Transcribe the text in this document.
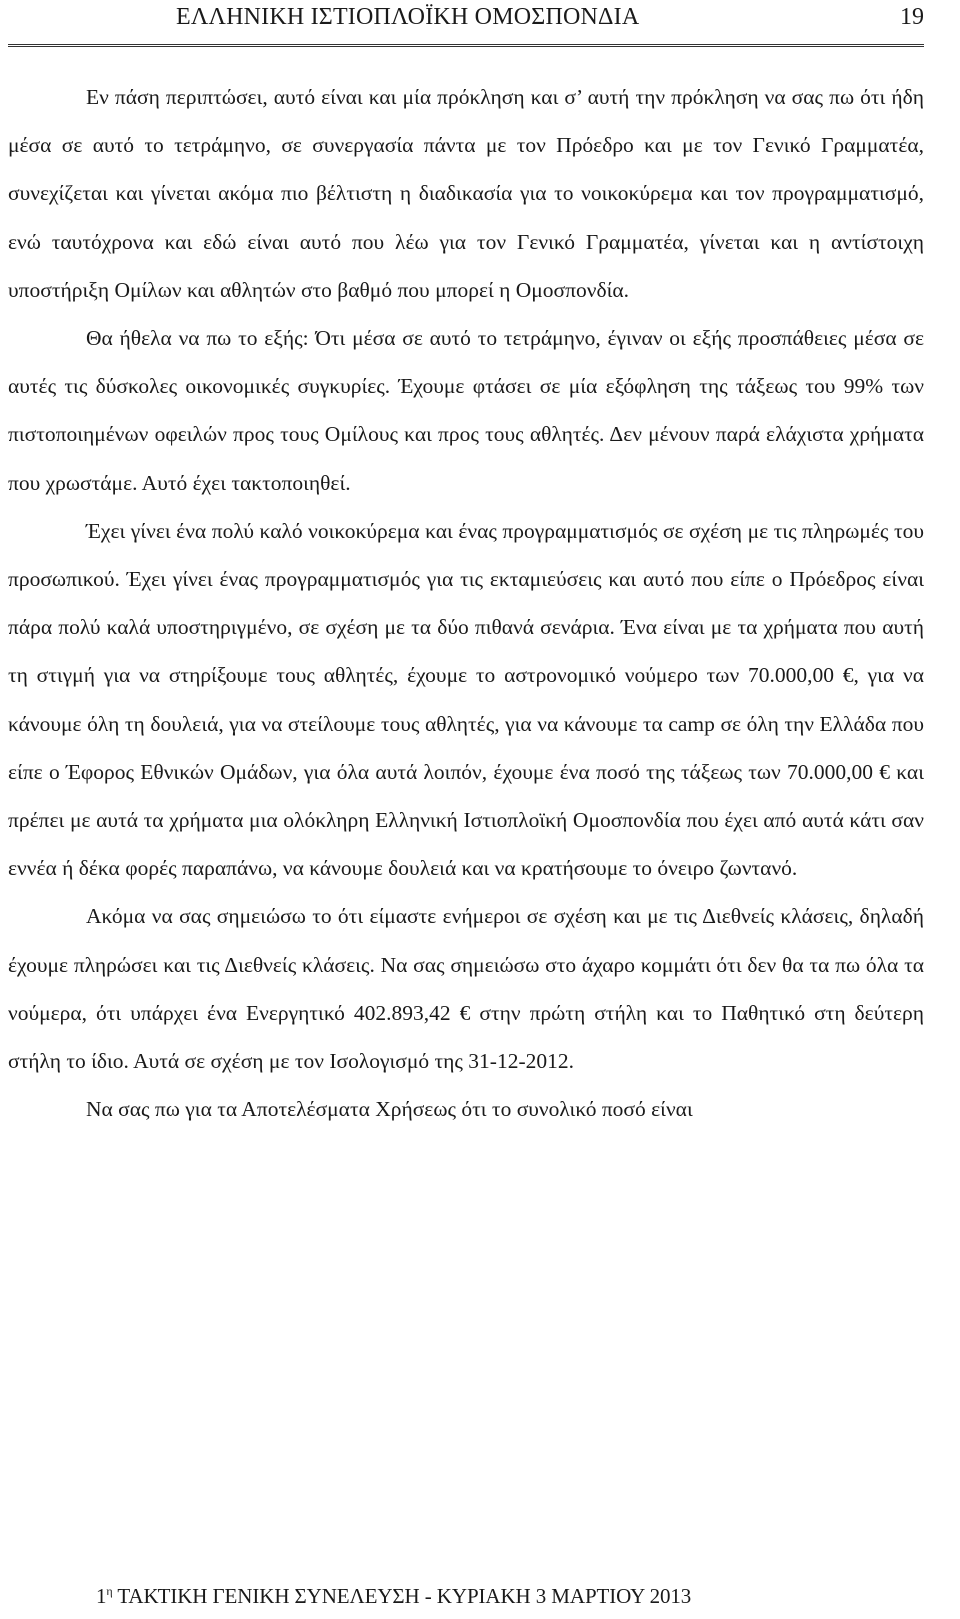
ΕΛΛΗΝΙΚΗ ΙΣΤΙΟΠΛΟΪΚΗ ΟΜΟΣΠΟΝΔΙΑ	19

Εν πάση περιπτώσει, αυτό είναι και μία πρόκληση και σ’ αυτή την πρόκληση να σας πω ότι ήδη μέσα σε αυτό το τετράμηνο, σε συνεργασία πάντα με τον Πρόεδρο και με τον Γενικό Γραμματέα, συνεχίζεται και γίνεται ακόμα πιο βέλτιστη η διαδικασία για το νοικοκύρεμα και τον προγραμματισμό, ενώ ταυτόχρονα και εδώ είναι αυτό που λέω για τον Γενικό Γραμματέα, γίνεται και η αντίστοιχη υποστήριξη Ομίλων και αθλητών στο βαθμό που μπορεί η Ομοσπονδία.

Θα ήθελα να πω το εξής: Ότι μέσα σε αυτό το τετράμηνο, έγιναν οι εξής προσπάθειες μέσα σε αυτές τις δύσκολες οικονομικές συγκυρίες. Έχουμε φτάσει σε μία εξόφληση της τάξεως του 99% των πιστοποιημένων οφειλών προς τους Ομίλους και προς τους αθλητές. Δεν μένουν παρά ελάχιστα χρήματα που χρωστάμε. Αυτό έχει τακτοποιηθεί.

Έχει γίνει ένα πολύ καλό νοικοκύρεμα και ένας προγραμματισμός σε σχέση με τις πληρωμές του προσωπικού. Έχει γίνει ένας προγραμματισμός για τις εκταμιεύσεις και αυτό που είπε ο Πρόεδρος είναι πάρα πολύ καλά υποστηριγμένο, σε σχέση με τα δύο πιθανά σενάρια. Ένα είναι με τα χρήματα που αυτή τη στιγμή για να στηρίξουμε τους αθλητές, έχουμε το αστρονομικό νούμερο των 70.000,00 €, για να κάνουμε όλη τη δουλειά, για να στείλουμε τους αθλητές, για να κάνουμε τα camp σε όλη την Ελλάδα που είπε ο Έφορος Εθνικών Ομάδων, για όλα αυτά λοιπόν, έχουμε ένα ποσό της τάξεως των 70.000,00 € και πρέπει με αυτά τα χρήματα μια ολόκληρη Ελληνική Ιστιοπλοϊκή Ομοσπονδία που έχει από αυτά κάτι σαν εννέα ή δέκα φορές παραπάνω, να κάνουμε δουλειά και να κρατήσουμε το όνειρο ζωντανό.

Ακόμα να σας σημειώσω το ότι είμαστε ενήμεροι σε σχέση και με τις Διεθνείς κλάσεις, δηλαδή έχουμε πληρώσει και τις Διεθνείς κλάσεις. Να σας σημειώσω στο άχαρο κομμάτι ότι δεν θα τα πω όλα τα νούμερα, ότι υπάρχει ένα Ενεργητικό 402.893,42 € στην πρώτη στήλη και το Παθητικό στη δεύτερη στήλη το ίδιο. Αυτά σε σχέση με τον Ισολογισμό της 31-12-2012.

Να σας πω για τα Αποτελέσματα Χρήσεως ότι το συνολικό ποσό είναι

$1^\eta$ ΤΑΚΤΙΚΗ ΓΕΝΙΚΗ ΣΥΝΕΛΕΥΣΗ - ΚΥΡΙΑΚΗ 3 ΜΑΡΤΙΟΥ 2013
